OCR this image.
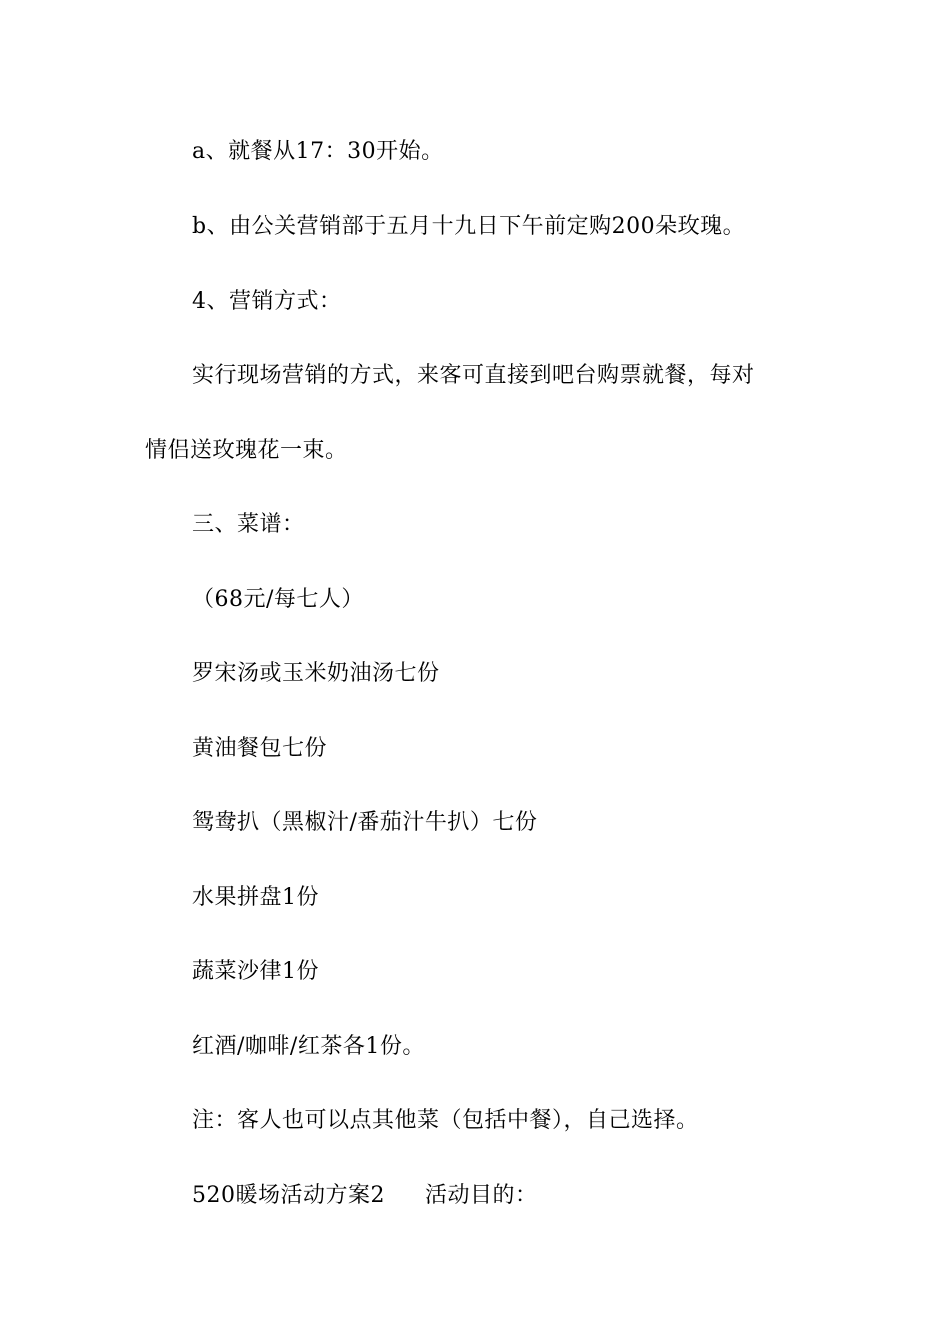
a、就餐从17：30开始。
b、由公关营销部于五月十九日下午前定购200朵玫瑰。
4、营销方式：
实行现场营销的方式，来客可直接到吧台购票就餐，每对
情侣送玫瑰花一束。
三、菜谱：
（68元/每七人）
罗宋汤或玉米奶油汤七份
黄油餐包七份
鸳鸯扒（黑椒汁/番茄汁牛扒）七份
水果拼盘1份
蔬菜沙律1份
红酒/咖啡/红茶各1份。
注：客人也可以点其他菜（包括中餐），自己选择。
520暖场活动方案2 活动目的：
